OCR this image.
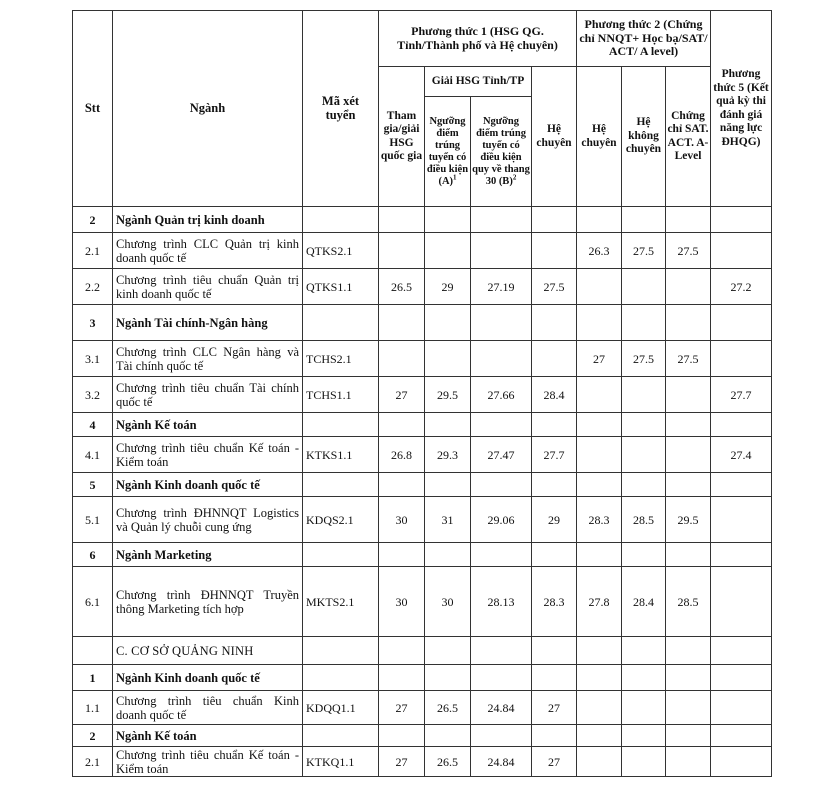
Stt	Ngành	Mã xét tuyển	Phương thức 1 (HSG QG. Tỉnh/Thành phố và Hệ chuyên)				Phương thức 2 (Chứng chỉ NNQT+ Học bạ/SAT/ ACT/ A level)			Phương thức 5 (Kết quả kỳ thi đánh giá năng lực ĐHQG)
			Tham gia/giải HSG quốc gia	Giải HSG Tỉnh/TP		Hệ chuyên	Hệ chuyên	Hệ không chuyên	Chứng chỉ SAT. ACT. A-Level	
				Ngưỡng điểm trúng tuyển có điều kiện $(A)^1$	Ngưỡng điểm trúng tuyển có điều kiện quy về thang 30 $(B)^2$
2	Ngành Quản trị kinh doanh									
2.1	Chương trình CLC Quản trị kinh doanh quốc tế	QTKS2.1					26.3	27.5	27.5	
2.2	Chương trình tiêu chuẩn Quản trị kinh doanh quốc tế	QTKS1.1	26.5	29	27.19	27.5				27.2
3	Ngành Tài chính-Ngân hàng									
3.1	Chương trình CLC Ngân hàng và Tài chính quốc tế	TCHS2.1					27	27.5	27.5	
3.2	Chương trình tiêu chuẩn Tài chính quốc tế	TCHS1.1	27	29.5	27.66	28.4				27.7
4	Ngành Kế toán									
4.1	Chương trình tiêu chuẩn Kế toán - Kiểm toán	KTKS1.1	26.8	29.3	27.47	27.7				27.4
5	Ngành Kinh doanh quốc tế									
5.1	Chương trình ĐHNNQT Logistics và Quản lý chuỗi cung ứng	KDQS2.1	30	31	29.06	29	28.3	28.5	29.5	
6	Ngành Marketing									
6.1	Chương trình ĐHNNQT Truyền thông Marketing tích hợp	MKTS2.1	30	30	28.13	28.3	27.8	28.4	28.5	
	C. CƠ SỞ QUẢNG NINH									
1	Ngành Kinh doanh quốc tế									
1.1	Chương trình tiêu chuẩn Kinh doanh quốc tế	KDQQ1.1	27	26.5	24.84	27				
2	Ngành Kế toán									
2.1	Chương trình tiêu chuẩn Kế toán - Kiểm toán	KTKQ1.1	27	26.5	24.84	27				
